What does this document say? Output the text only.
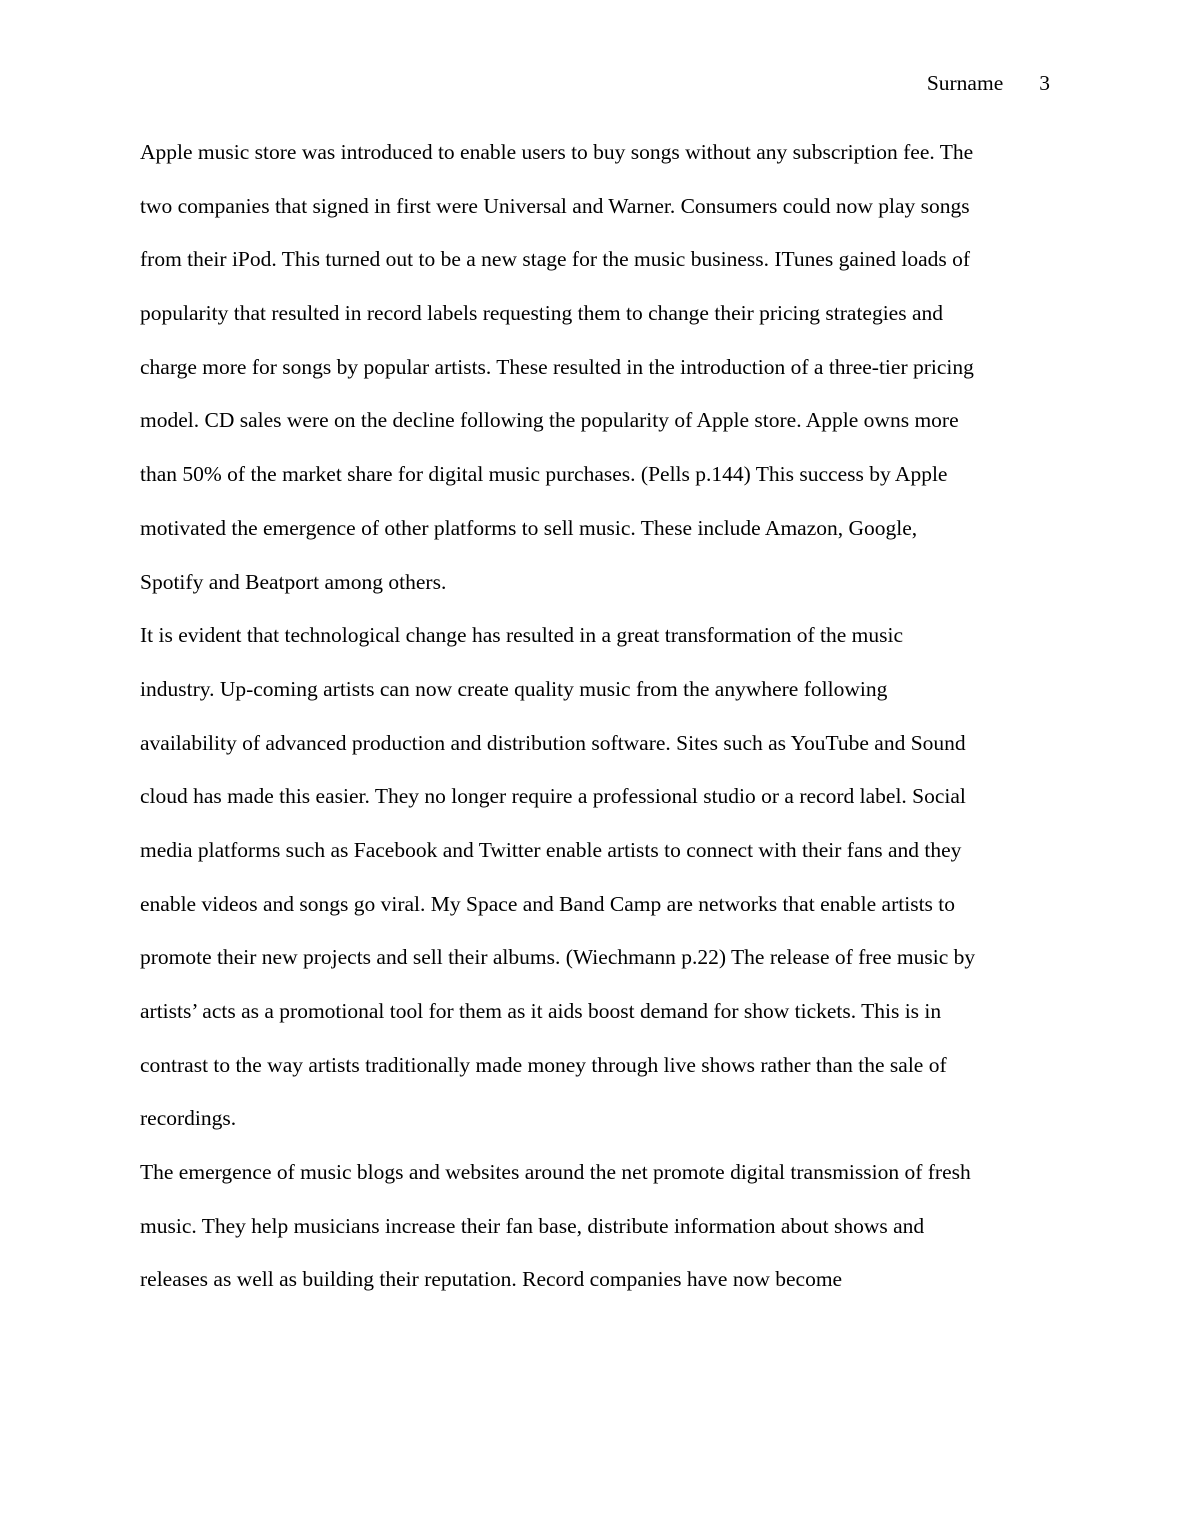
Surname 3
Apple music store was introduced to enable users to buy songs without any subscription fee. The
two companies that signed in first were Universal and Warner. Consumers could now play songs
from their iPod. This turned out to be a new stage for the music business. ITunes gained loads of
popularity that resulted in record labels requesting them to change their pricing strategies and
charge more for songs by popular artists. These resulted in the introduction of a three-tier pricing
model. CD sales were on the decline following the popularity of Apple store. Apple owns more
than 50% of the market share for digital music purchases. (Pells p.144) This success by Apple
motivated the emergence of other platforms to sell music. These include Amazon, Google,
Spotify and Beatport among others.
It is evident that technological change has resulted in a great transformation of the music
industry. Up-coming artists can now create quality music from the anywhere following
availability of advanced production and distribution software. Sites such as YouTube and Sound
cloud has made this easier. They no longer require a professional studio or a record label. Social
media platforms such as Facebook and Twitter enable artists to connect with their fans and they
enable videos and songs go viral. My Space and Band Camp are networks that enable artists to
promote their new projects and sell their albums. (Wiechmann p.22) The release of free music by
artists’ acts as a promotional tool for them as it aids boost demand for show tickets. This is in
contrast to the way artists traditionally made money through live shows rather than the sale of
recordings.
The emergence of music blogs and websites around the net promote digital transmission of fresh
music. They help musicians increase their fan base, distribute information about shows and
releases as well as building their reputation. Record companies have now become
